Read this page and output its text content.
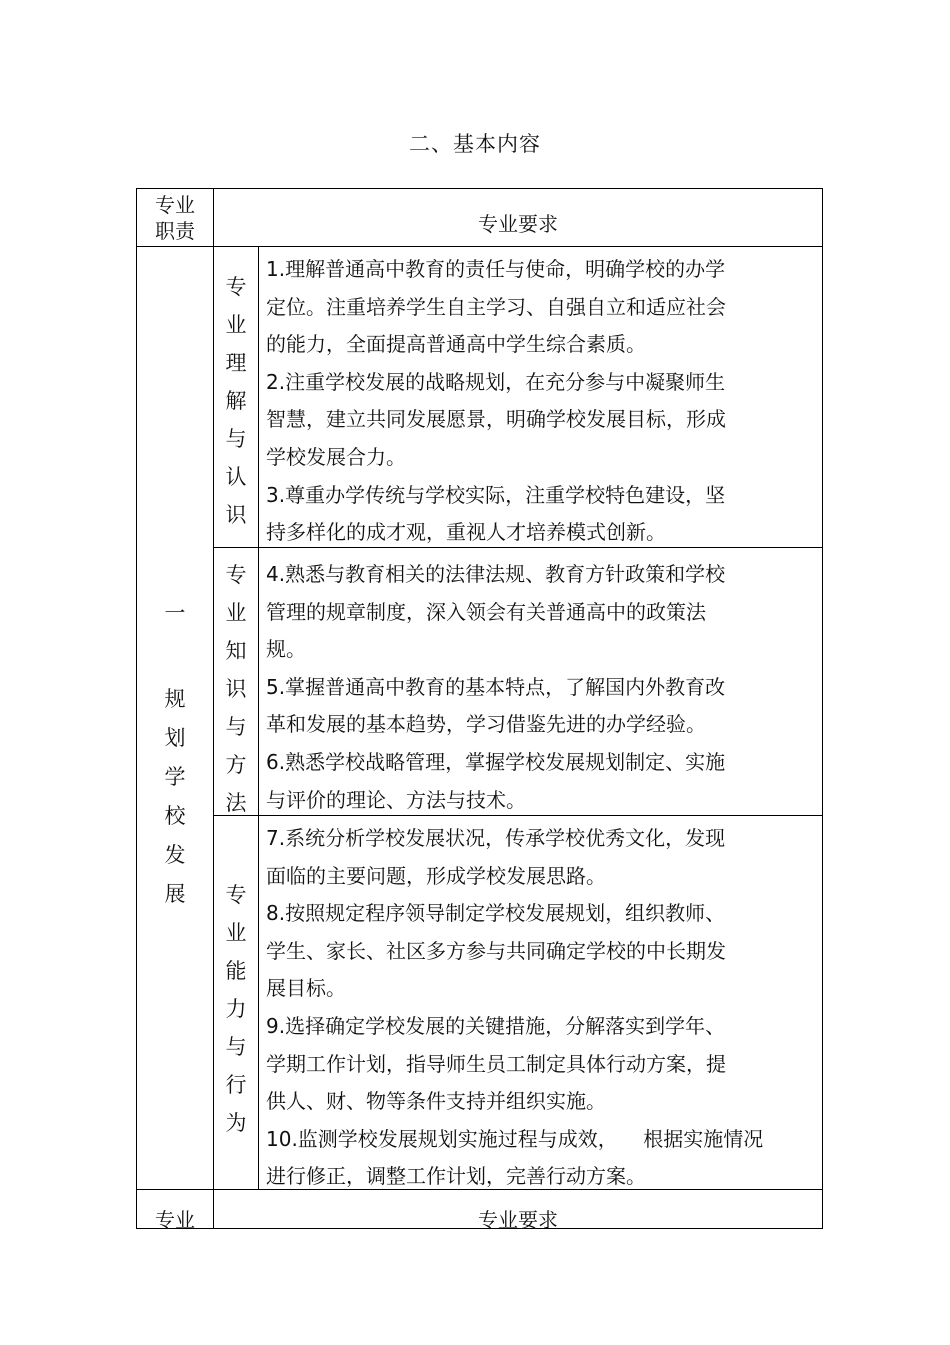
二、基本内容
专业
职责	专业要求
一
规
划
学
校
发
展
专
业
理
解
与
认
识
1.理解普通高中教育的责任与使命，明确学校的办学
定位。注重培养学生自主学习、自强自立和适应社会
的能力，全面提高普通高中学生综合素质。
2.注重学校发展的战略规划，在充分参与中凝聚师生
智慧，建立共同发展愿景，明确学校发展目标，形成
学校发展合力。
3.尊重办学传统与学校实际，注重学校特色建设，坚
持多样化的成才观，重视人才培养模式创新。
专
业
知
识
与
方
法
4.熟悉与教育相关的法律法规、教育方针政策和学校
管理的规章制度，深入领会有关普通高中的政策法
规。
5.掌握普通高中教育的基本特点，了解国内外教育改
革和发展的基本趋势，学习借鉴先进的办学经验。
6.熟悉学校战略管理，掌握学校发展规划制定、实施
与评价的理论、方法与技术。
专
业
能
力
与
行
为
7.系统分析学校发展状况，传承学校优秀文化，发现
面临的主要问题，形成学校发展思路。
8.按照规定程序领导制定学校发展规划，组织教师、
学生、家长、社区多方参与共同确定学校的中长期发
展目标。
9.选择确定学校发展的关键措施，分解落实到学年、
学期工作计划，指导师生员工制定具体行动方案，提
供人、财、物等条件支持并组织实施。
10.监测学校发展规划实施过程与成效，    根据实施情况
进行修正，调整工作计划，完善行动方案。
专业	专业要求
